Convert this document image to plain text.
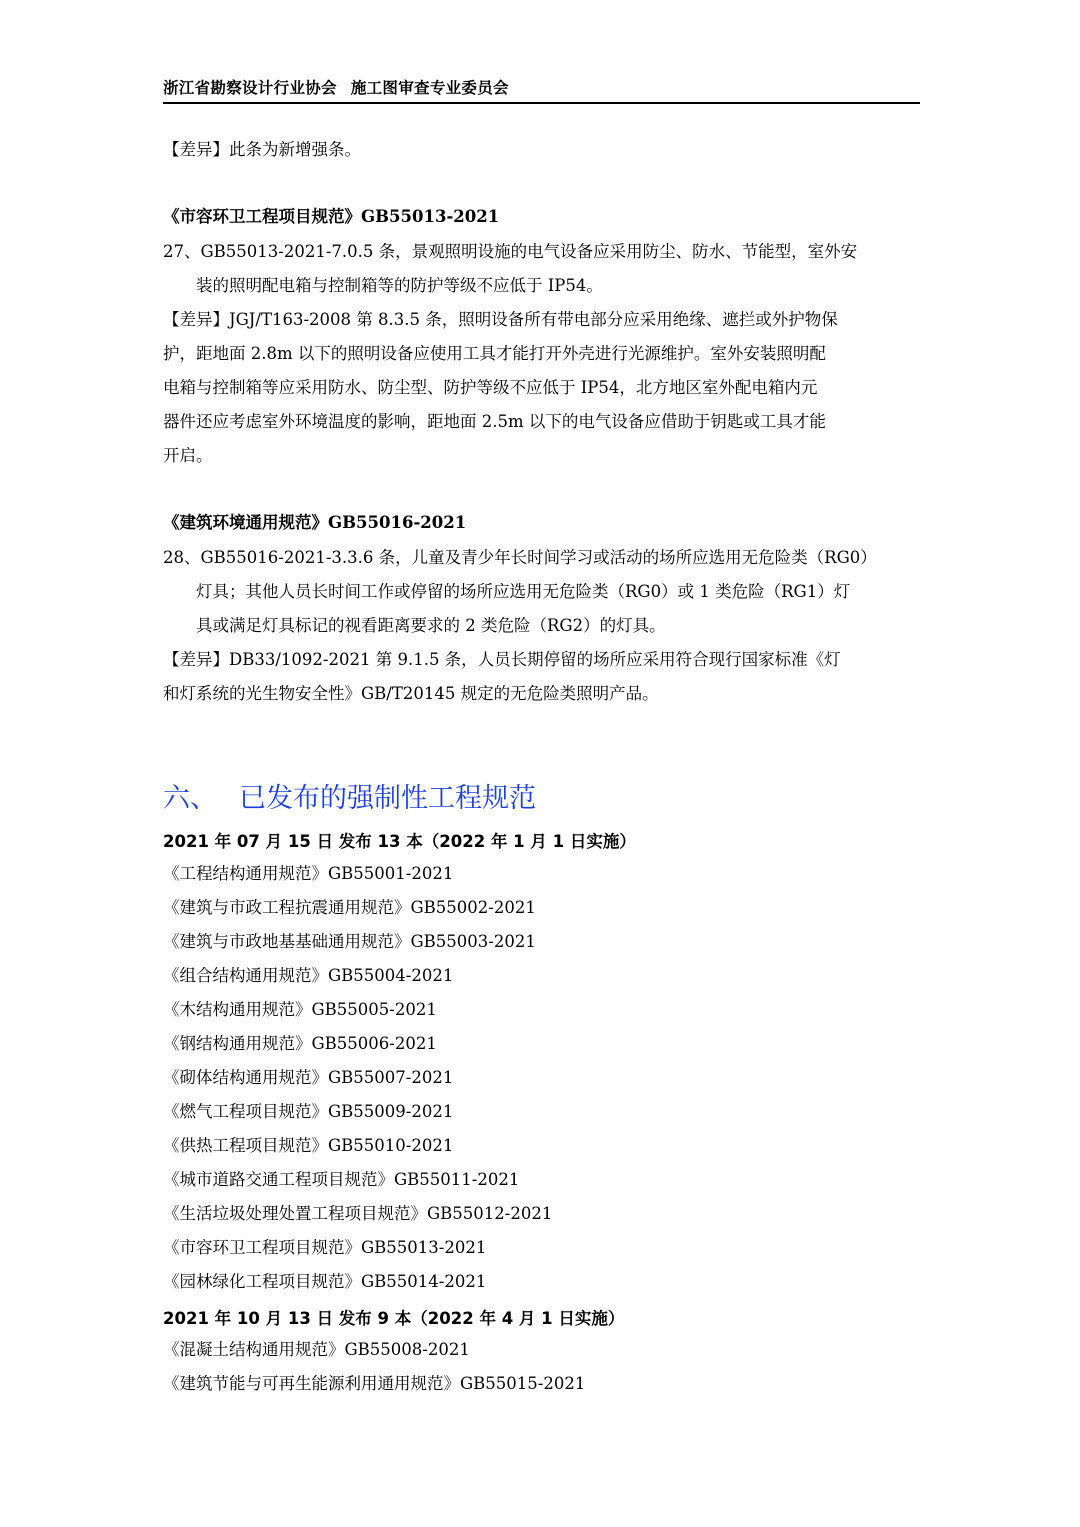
浙江省勘察设计行业协会 施工图审查专业委员会
【差异】此条为新增强条。
《市容环卫工程项目规范》GB55013-2021
27、GB55013-2021-7.0.5 条，景观照明设施的电气设备应采用防尘、防水、节能型，室外安
装的照明配电箱与控制箱等的防护等级不应低于 IP54。
【差异】JGJ/T163-2008 第 8.3.5 条，照明设备所有带电部分应采用绝缘、遮拦或外护物保
护，距地面 2.8m 以下的照明设备应使用工具才能打开外壳进行光源维护。室外安装照明配
电箱与控制箱等应采用防水、防尘型、防护等级不应低于 IP54，北方地区室外配电箱内元
器件还应考虑室外环境温度的影响，距地面 2.5m 以下的电气设备应借助于钥匙或工具才能
开启。
《建筑环境通用规范》GB55016-2021
28、GB55016-2021-3.3.6 条，儿童及青少年长时间学习或活动的场所应选用无危险类（RG0）
灯具；其他人员长时间工作或停留的场所应选用无危险类（RG0）或 1 类危险（RG1）灯
具或满足灯具标记的视看距离要求的 2 类危险（RG2）的灯具。
【差异】DB33/1092-2021 第 9.1.5 条，人员长期停留的场所应采用符合现行国家标准《灯
和灯系统的光生物安全性》GB/T20145 规定的无危险类照明产品。
六、 已发布的强制性工程规范
2021 年 07 月 15 日 发布 13 本（2022 年 1 月 1 日实施）
《工程结构通用规范》GB55001-2021
《建筑与市政工程抗震通用规范》GB55002-2021
《建筑与市政地基基础通用规范》GB55003-2021
《组合结构通用规范》GB55004-2021
《木结构通用规范》GB55005-2021
《钢结构通用规范》GB55006-2021
《砌体结构通用规范》GB55007-2021
《燃气工程项目规范》GB55009-2021
《供热工程项目规范》GB55010-2021
《城市道路交通工程项目规范》GB55011-2021
《生活垃圾处理处置工程项目规范》GB55012-2021
《市容环卫工程项目规范》GB55013-2021
《园林绿化工程项目规范》GB55014-2021
2021 年 10 月 13 日 发布 9 本（2022 年 4 月 1 日实施）
《混凝土结构通用规范》GB55008-2021
《建筑节能与可再生能源利用通用规范》GB55015-2021
